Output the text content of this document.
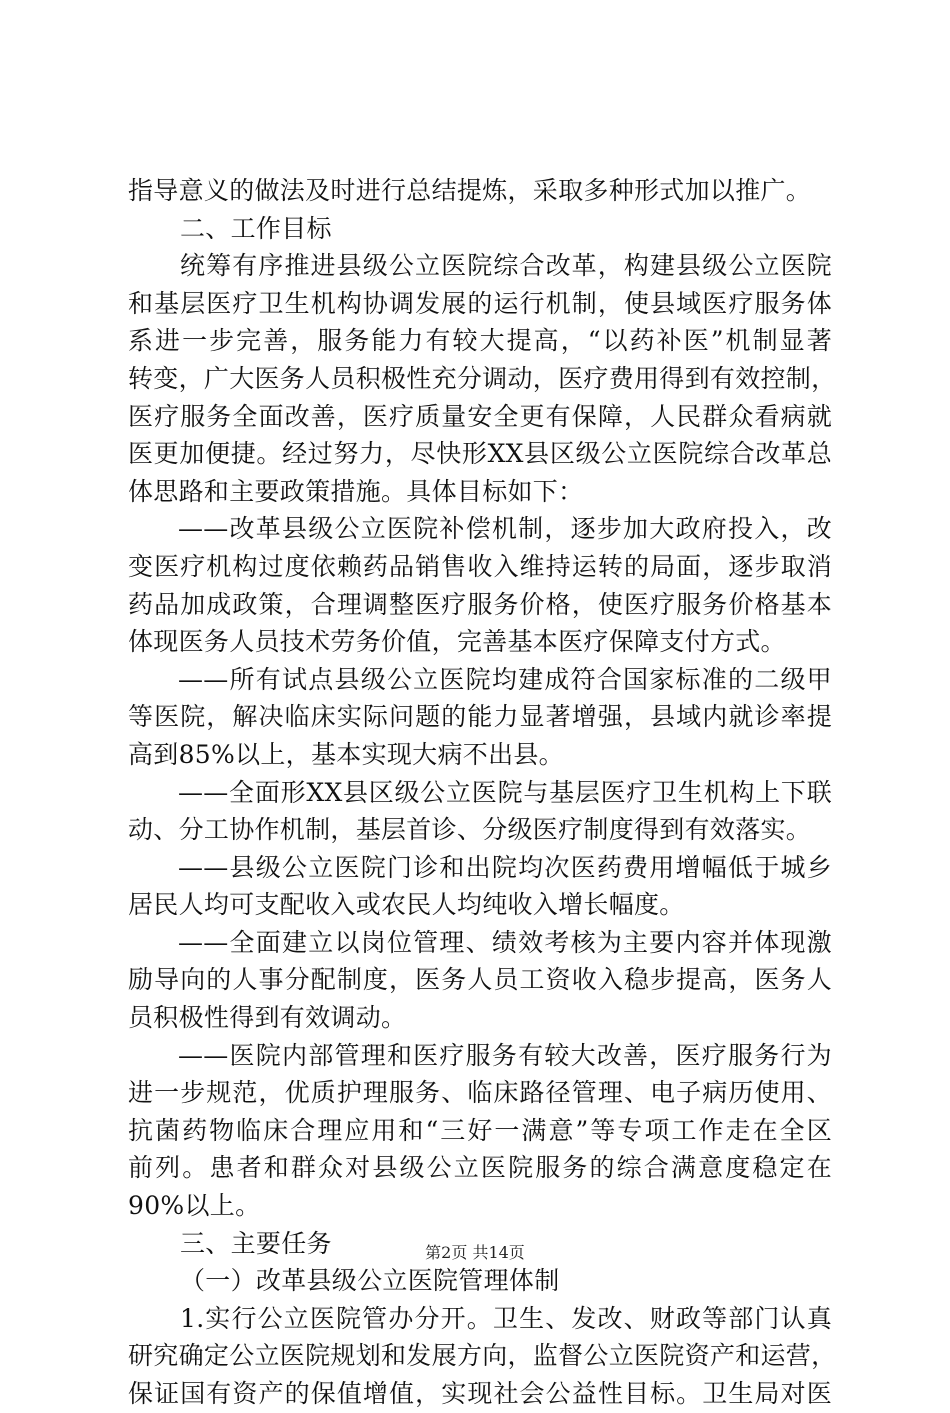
指导意义的做法及时进行总结提炼，采取多种形式加以推广。
二、工作目标
统筹有序推进县级公立医院综合改革，构建县级公立医院
和基层医疗卫生机构协调发展的运行机制，使县域医疗服务体
系进一步完善，服务能力有较大提高，“以药补医”机制显著
转变，广大医务人员积极性充分调动，医疗费用得到有效控制，
医疗服务全面改善，医疗质量安全更有保障，人民群众看病就
医更加便捷。经过努力，尽快形XX县区级公立医院综合改革总
体思路和主要政策措施。具体目标如下：
——改革县级公立医院补偿机制，逐步加大政府投入，改
变医疗机构过度依赖药品销售收入维持运转的局面，逐步取消
药品加成政策，合理调整医疗服务价格，使医疗服务价格基本
体现医务人员技术劳务价值，完善基本医疗保障支付方式。
——所有试点县级公立医院均建成符合国家标准的二级甲
等医院，解决临床实际问题的能力显著增强，县域内就诊率提
高到85%以上，基本实现大病不出县。
——全面形XX县区级公立医院与基层医疗卫生机构上下联
动、分工协作机制，基层首诊、分级医疗制度得到有效落实。
——县级公立医院门诊和出院均次医药费用增幅低于城乡
居民人均可支配收入或农民人均纯收入增长幅度。
——全面建立以岗位管理、绩效考核为主要内容并体现激
励导向的人事分配制度，医务人员工资收入稳步提高，医务人
员积极性得到有效调动。
——医院内部管理和医疗服务有较大改善，医疗服务行为
进一步规范，优质护理服务、临床路径管理、电子病历使用、
抗菌药物临床合理应用和“三好一满意”等专项工作走在全区
前列。患者和群众对县级公立医院服务的综合满意度稳定在
90%以上。
三、主要任务
（一）改革县级公立医院管理体制
1.实行公立医院管办分开。卫生、发改、财政等部门认真
研究确定公立医院规划和发展方向，监督公立医院资产和运营，
保证国有资产的保值增值，实现社会公益性目标。卫生局对医
第2页 共14页
